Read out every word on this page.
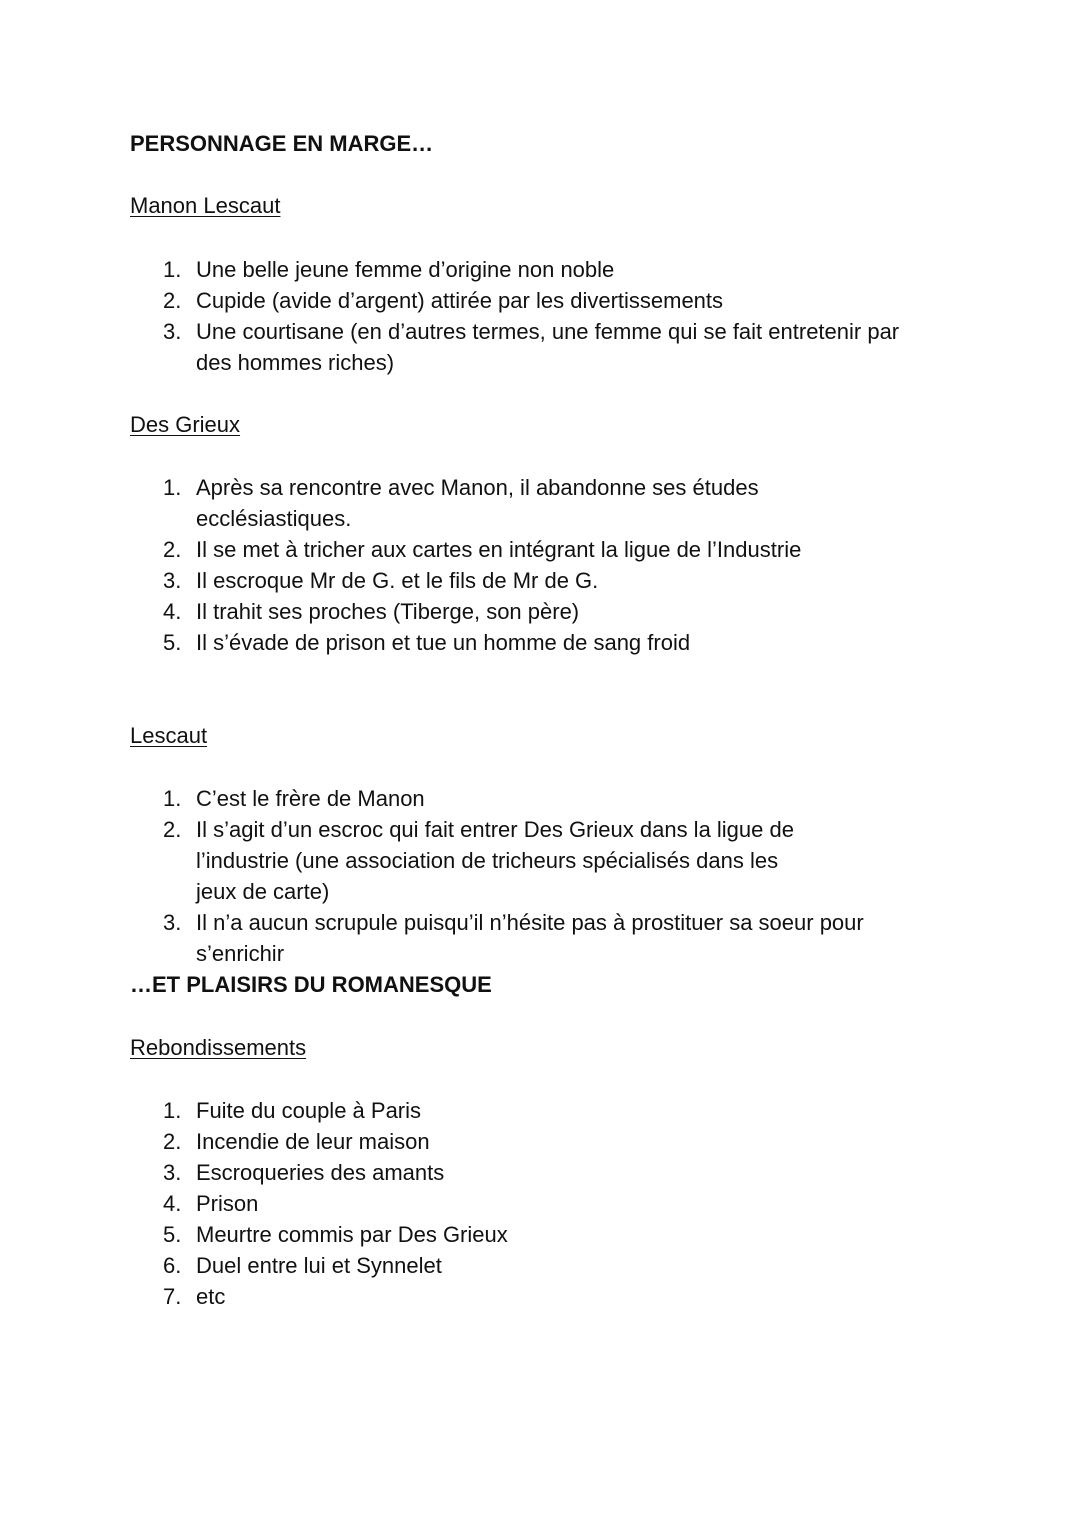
PERSONNAGE EN MARGE…
Manon Lescaut
1. Une belle jeune femme d’origine non noble
2. Cupide (avide d’argent) attirée par les divertissements
3. Une courtisane (en d’autres termes, une femme qui se fait entretenir par des hommes riches)
Des Grieux
1. Après sa rencontre avec Manon, il abandonne ses études ecclésiastiques.
2. Il se met à tricher aux cartes en intégrant la ligue de l’Industrie
3. Il escroque Mr de G. et le fils de Mr de G.
4. Il trahit ses proches (Tiberge, son père)
5. Il s’évade de prison et tue un homme de sang froid
Lescaut
1. C’est le frère de Manon
2. Il s’agit d’un escroc qui fait entrer Des Grieux dans la ligue de l’industrie (une association de tricheurs spécialisés dans les jeux de carte)
3. Il n’a aucun scrupule puisqu’il n’hésite pas à prostituer sa soeur pour s’enrichir
…ET PLAISIRS DU ROMANESQUE
Rebondissements
1. Fuite du couple à Paris
2. Incendie de leur maison
3. Escroqueries des amants
4. Prison
5. Meurtre commis par Des Grieux
6. Duel entre lui et Synnelet
7. etc
